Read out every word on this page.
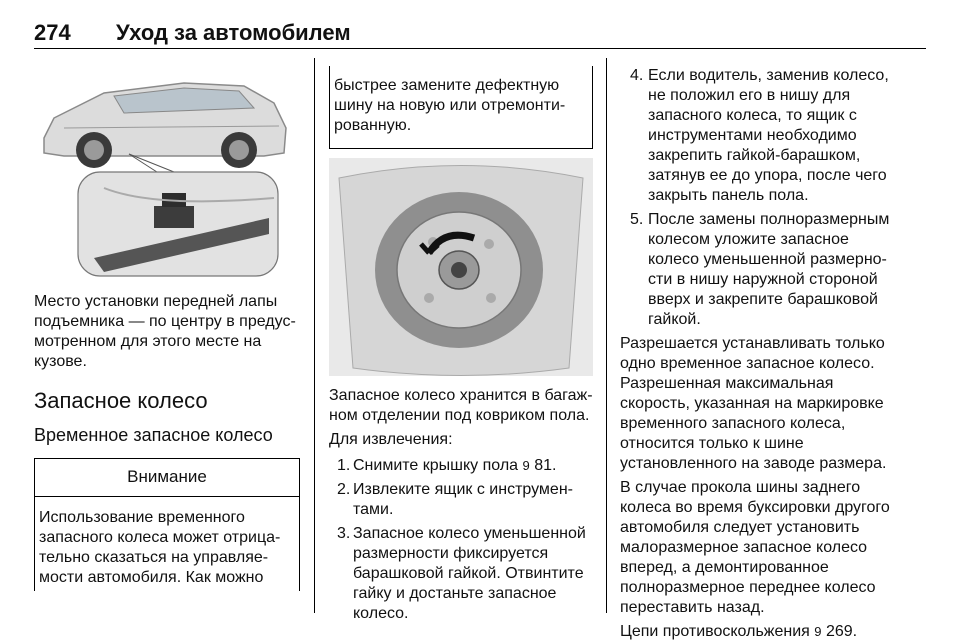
274 Уход за автомобилем

Место установки передней лапы подъемника — по центру в предусмотренном для этого месте на кузове.

Запасное колесо
Временное запасное колесо
Внимание
Использование временного запасного колеса может отрицательно сказаться на управляемости автомобиля. Как можно
быстрее замените дефектную шину на новую или отремонтированную.

Запасное колесо хранится в багажном отделении под ковриком пола.

Для извлечения:

1. Снимите крышку пола 9 81.
2. Извлеките ящик с инструментами.
3. Запасное колесо уменьшенной размерности фиксируется барашковой гайкой. Отвинтите гайку и достаньте запасное колесо.
4. Если водитель, заменив колесо, не положил его в нишу для запасного колеса, то ящик с инструментами необходимо закрепить гайкой-барашком, затянув ее до упора, после чего закрыть панель пола.
5. После замены полноразмерным колесом уложите запасное колесо уменьшенной размерности в нишу наружной стороной вверх и закрепите барашковой гайкой.

Разрешается устанавливать только одно временное запасное колесо. Разрешенная максимальная скорость, указанная на маркировке временного запасного колеса, относится только к шине установленного на заводе размера.

В случае прокола шины заднего колеса во время буксировки другого автомобиля следует установить малоразмерное запасное колесо вперед, а демонтированное полноразмерное переднее колесо переставить назад.

Цепи противоскольжения 9 269.
